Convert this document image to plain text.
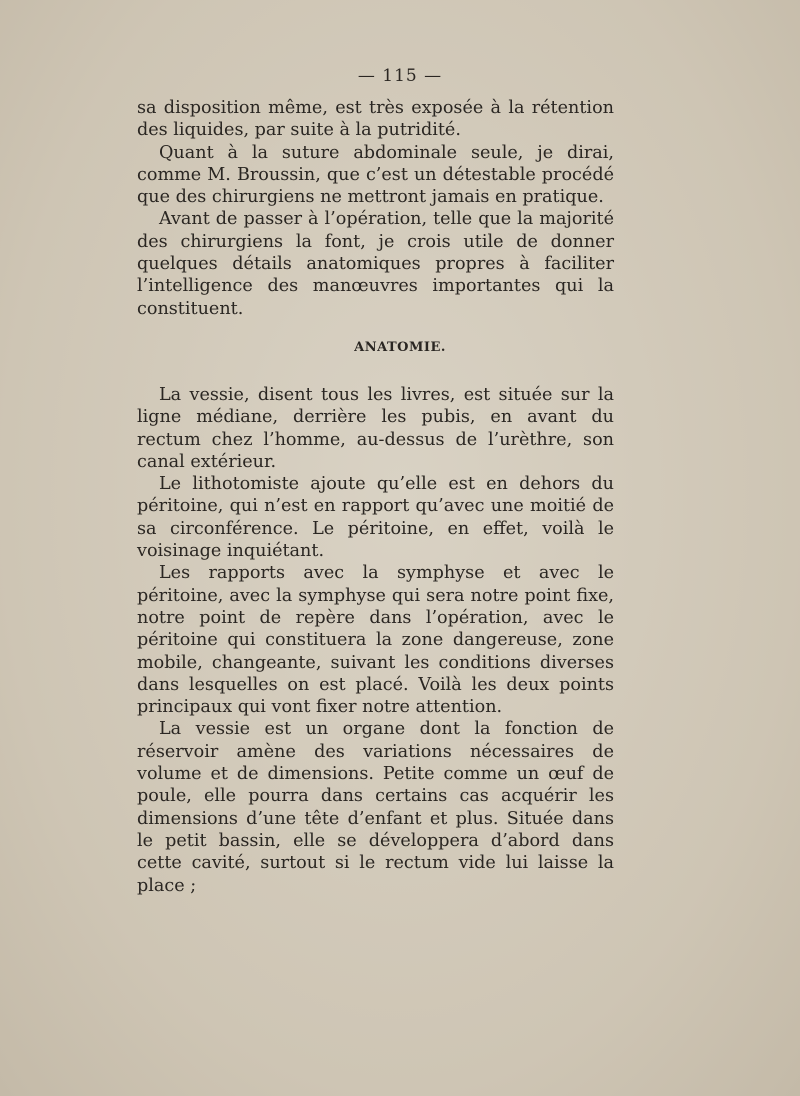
— 115 —

sa disposition même, est très exposée à la rétention des liquides, par suite à la putridité.

Quant à la suture abdominale seule, je dirai, comme M. Broussin, que c’est un détestable procédé que des chirurgiens ne mettront jamais en pratique.

Avant de passer à l’opération, telle que la majorité des chirurgiens la font, je crois utile de donner quelques détails anatomiques propres à faciliter l’intelligence des manœuvres importantes qui la constituent.

ANATOMIE.

La vessie, disent tous les livres, est située sur la ligne médiane, derrière les pubis, en avant du rectum chez l’homme, au-dessus de l’urèthre, son canal extérieur.

Le lithotomiste ajoute qu’elle est en dehors du péritoine, qui n’est en rapport qu’avec une moitié de sa circonférence. Le péritoine, en effet, voilà le voisinage inquiétant.

Les rapports avec la symphyse et avec le péritoine, avec la symphyse qui sera notre point fixe, notre point de repère dans l’opération, avec le péritoine qui constituera la zone dangereuse, zone mobile, changeante, suivant les conditions diverses dans lesquelles on est placé. Voilà les deux points principaux qui vont fixer notre attention.

La vessie est un organe dont la fonction de réservoir amène des variations nécessaires de volume et de dimensions. Petite comme un œuf de poule, elle pourra dans certains cas acquérir les dimensions d’une tête d’enfant et plus. Située dans le petit bassin, elle se développera d’abord dans cette cavité, surtout si le rectum vide lui laisse la place ;
